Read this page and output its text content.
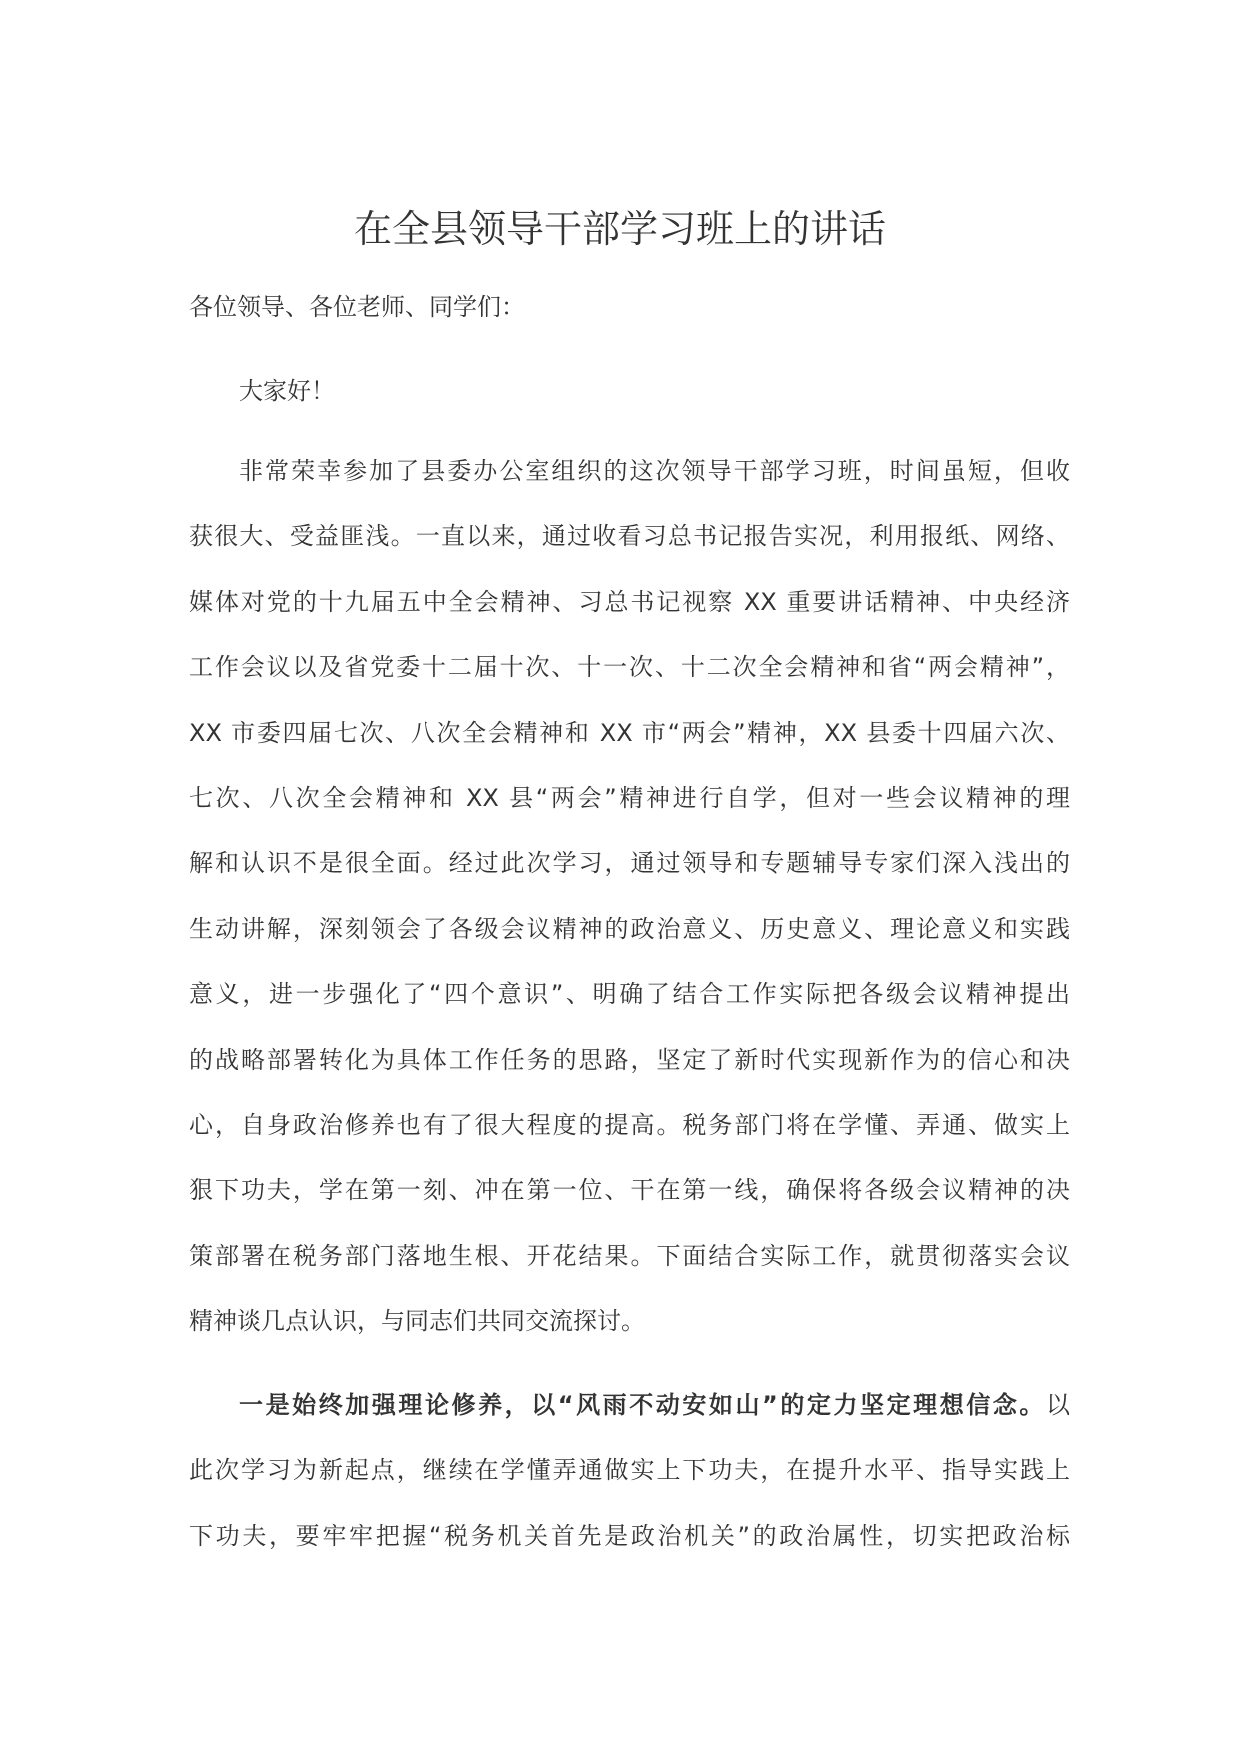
在全县领导干部学习班上的讲话
各位领导、各位老师、同学们：
大家好！
非常荣幸参加了县委办公室组织的这次领导干部学习班，时间虽短，但收
获很大、受益匪浅。一直以来，通过收看习总书记报告实况，利用报纸、网络、
媒体对党的十九届五中全会精神、习总书记视察 XX 重要讲话精神、中央经济
工作会议以及省党委十二届十次、十一次、十二次全会精神和省“两会精神”，
XX 市委四届七次、八次全会精神和 XX 市“两会”精神，XX 县委十四届六次、
七次、八次全会精神和 XX 县“两会”精神进行自学，但对一些会议精神的理
解和认识不是很全面。经过此次学习，通过领导和专题辅导专家们深入浅出的
生动讲解，深刻领会了各级会议精神的政治意义、历史意义、理论意义和实践
意义，进一步强化了“四个意识”、明确了结合工作实际把各级会议精神提出
的战略部署转化为具体工作任务的思路，坚定了新时代实现新作为的信心和决
心，自身政治修养也有了很大程度的提高。税务部门将在学懂、弄通、做实上
狠下功夫，学在第一刻、冲在第一位、干在第一线，确保将各级会议精神的决
策部署在税务部门落地生根、开花结果。下面结合实际工作，就贯彻落实会议
精神谈几点认识，与同志们共同交流探讨。
一是始终加强理论修养，以“风雨不动安如山”的定力坚定理想信念。以
此次学习为新起点，继续在学懂弄通做实上下功夫，在提升水平、指导实践上
下功夫，要牢牢把握“税务机关首先是政治机关”的政治属性，切实把政治标
